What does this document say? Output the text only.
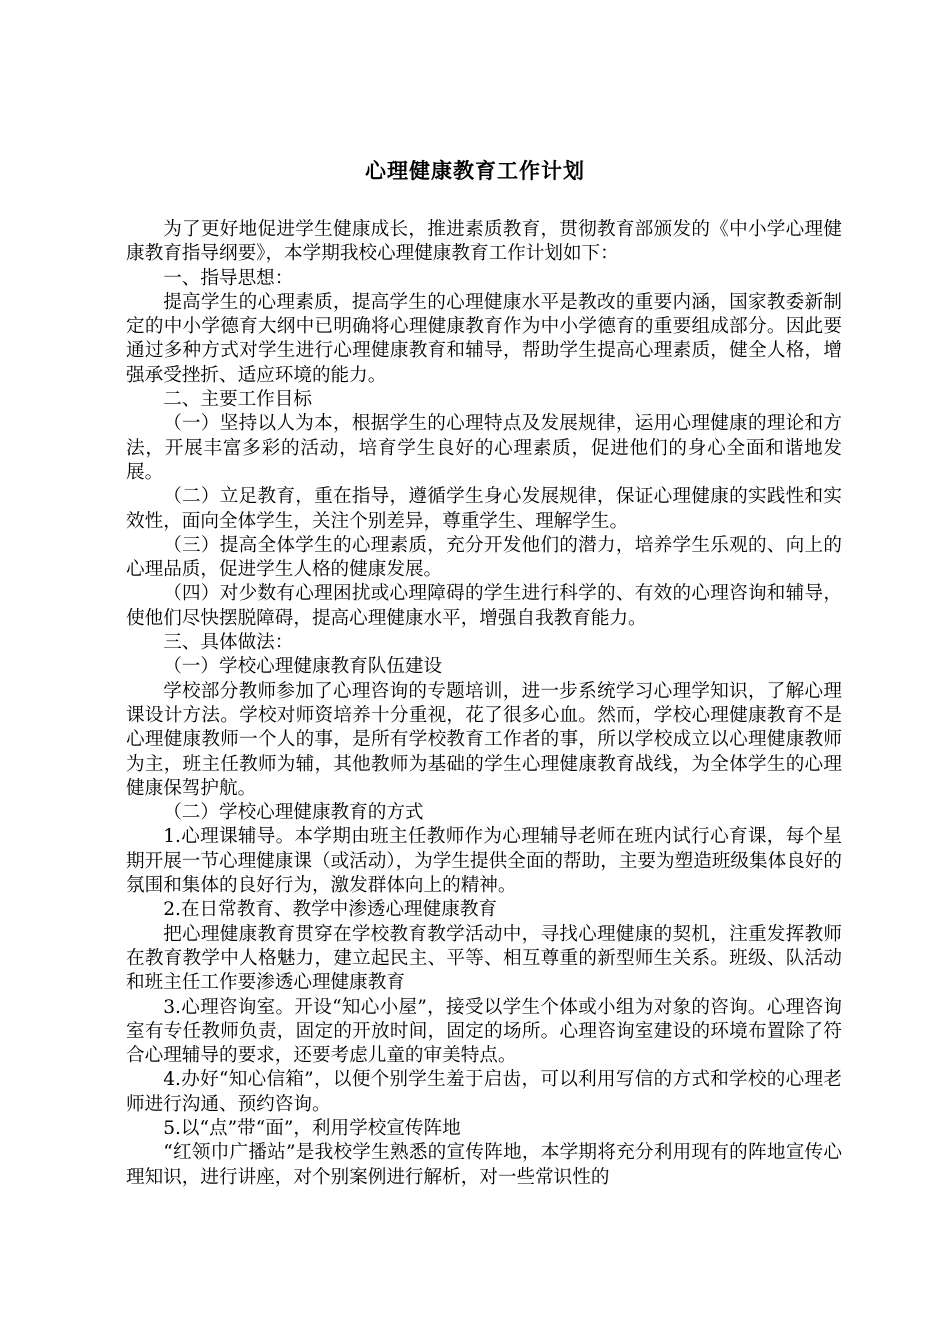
心理健康教育工作计划

为了更好地促进学生健康成长，推进素质教育，贯彻教育部颁发的《中小学心理健康教育指导纲要》，本学期我校心理健康教育工作计划如下：

一、指导思想：

提高学生的心理素质，提高学生的心理健康水平是教改的重要内涵，国家教委新制定的中小学德育大纲中已明确将心理健康教育作为中小学德育的重要组成部分。因此要通过多种方式对学生进行心理健康教育和辅导，帮助学生提高心理素质，健全人格，增强承受挫折、适应环境的能力。

二、主要工作目标

（一）坚持以人为本，根据学生的心理特点及发展规律，运用心理健康的理论和方法，开展丰富多彩的活动，培育学生良好的心理素质，促进他们的身心全面和谐地发展。

（二）立足教育，重在指导，遵循学生身心发展规律，保证心理健康的实践性和实效性，面向全体学生，关注个别差异，尊重学生、理解学生。

（三）提高全体学生的心理素质，充分开发他们的潜力，培养学生乐观的、向上的心理品质，促进学生人格的健康发展。

（四）对少数有心理困扰或心理障碍的学生进行科学的、有效的心理咨询和辅导，使他们尽快摆脱障碍，提高心理健康水平，增强自我教育能力。

三、具体做法：

（一）学校心理健康教育队伍建设

学校部分教师参加了心理咨询的专题培训，进一步系统学习心理学知识，了解心理课设计方法。学校对师资培养十分重视，花了很多心血。然而，学校心理健康教育不是心理健康教师一个人的事，是所有学校教育工作者的事，所以学校成立以心理健康教师为主，班主任教师为辅，其他教师为基础的学生心理健康教育战线，为全体学生的心理健康保驾护航。

（二）学校心理健康教育的方式

1.心理课辅导。本学期由班主任教师作为心理辅导老师在班内试行心育课，每个星期开展一节心理健康课（或活动），为学生提供全面的帮助，主要为塑造班级集体良好的氛围和集体的良好行为，激发群体向上的精神。

2.在日常教育、教学中渗透心理健康教育

把心理健康教育贯穿在学校教育教学活动中，寻找心理健康的契机，注重发挥教师在教育教学中人格魅力，建立起民主、平等、相互尊重的新型师生关系。班级、队活动和班主任工作要渗透心理健康教育

3.心理咨询室。开设“知心小屋”，接受以学生个体或小组为对象的咨询。心理咨询室有专任教师负责，固定的开放时间，固定的场所。心理咨询室建设的环境布置除了符合心理辅导的要求，还要考虑儿童的审美特点。

4.办好“知心信箱”，以便个别学生羞于启齿，可以利用写信的方式和学校的心理老师进行沟通、预约咨询。

5.以“点”带“面”，利用学校宣传阵地

“红领巾广播站”是我校学生熟悉的宣传阵地，本学期将充分利用现有的阵地宣传心理知识，进行讲座，对个别案例进行解析，对一些常识性的
